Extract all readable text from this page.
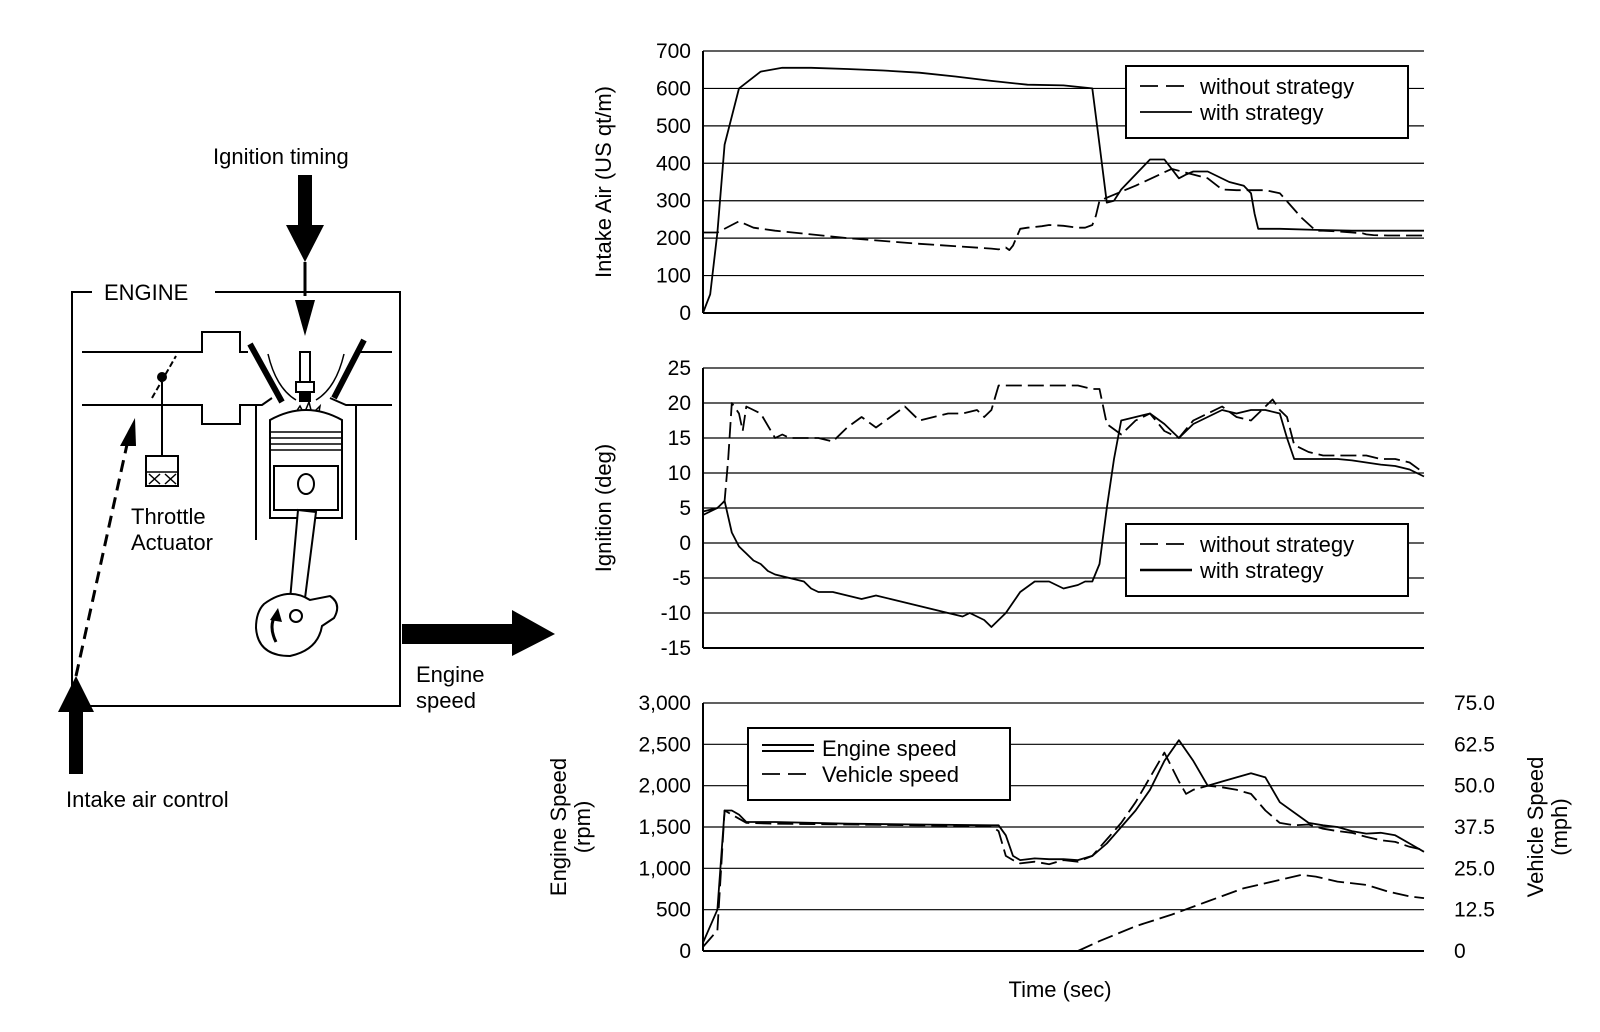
ENGINE
Throttle
Actuator
Ignition timing
Engine
speed
Intake air control
0
100
200
300
400
500
600
700
Intake Air (US qt/m)	without strategy
with strategy
-15
-10
-5
0
5
10
15
20
25
Ignition (deg)	without strategy
with strategy
0
500
1,000
1,500
2,000
2,500
3,000
0
12.5
25.0
37.5
50.0
62.5
75.0
Engine Speed (rpm)	Vehicle Speed (mph)
Engine speed
Vehicle speed
Time (sec)
